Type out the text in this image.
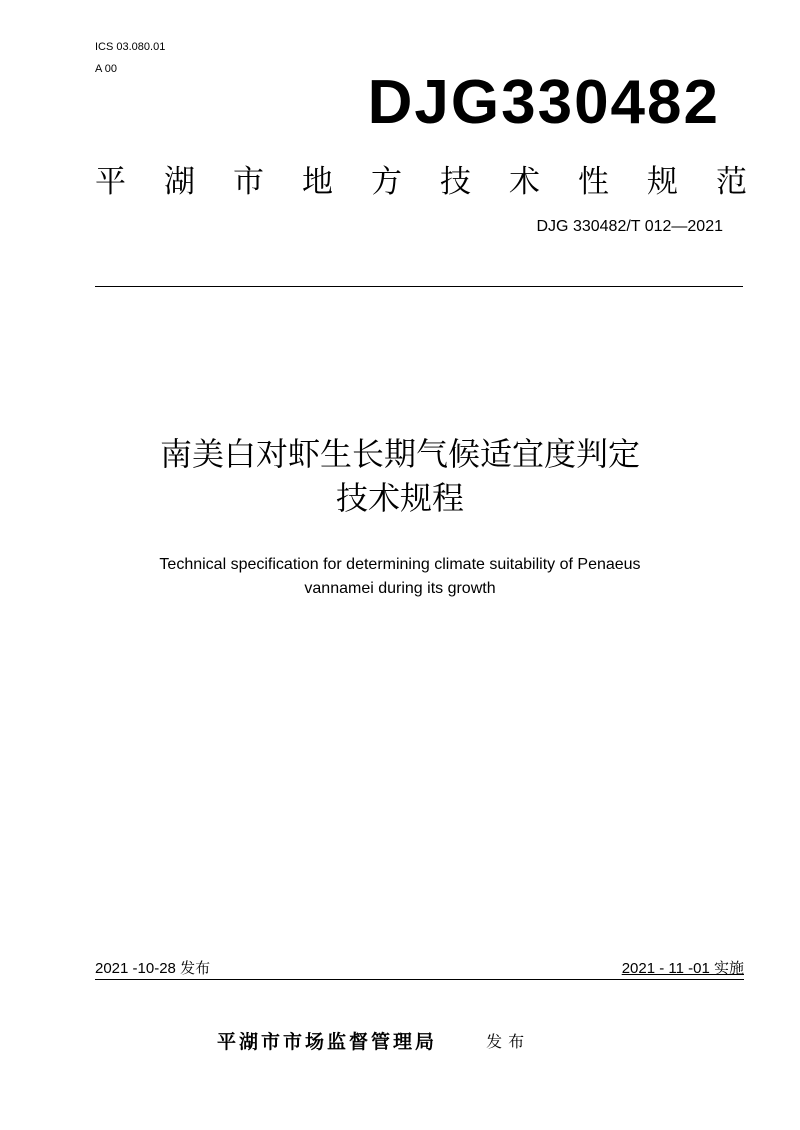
ICS 03.080.01
A 00	DJG330482
平 湖 市 地 方 技 术 性 规 范
DJG 330482/T 012—2021
南美白对虾生长期气候适宜度判定
技术规程
Technical specification for determining climate suitability of Penaeus
vannamei during its growth
2021 -10-28 发布	2021 - 11 -01 实施
平湖市市场监督管理局	发布
